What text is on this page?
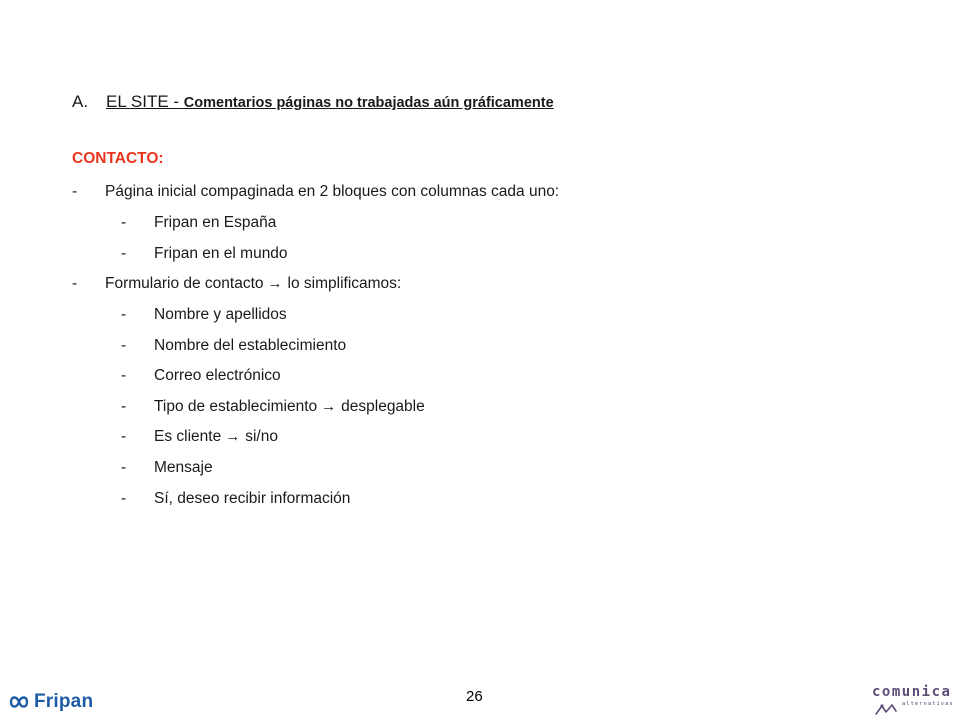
A. EL SITE - Comentarios páginas no trabajadas aún gráficamente
CONTACTO:
- Página inicial compaginada en 2 bloques con columnas cada uno:
- Fripan en España
- Fripan en el mundo
- Formulario de contacto → lo simplificamos:
- Nombre y apellidos
- Nombre del establecimiento
- Correo electrónico
- Tipo de establecimiento → desplegable
- Es cliente → si/no
- Mensaje
- Sí, deseo recibir información
Fripan	26	comunica
alternativas
